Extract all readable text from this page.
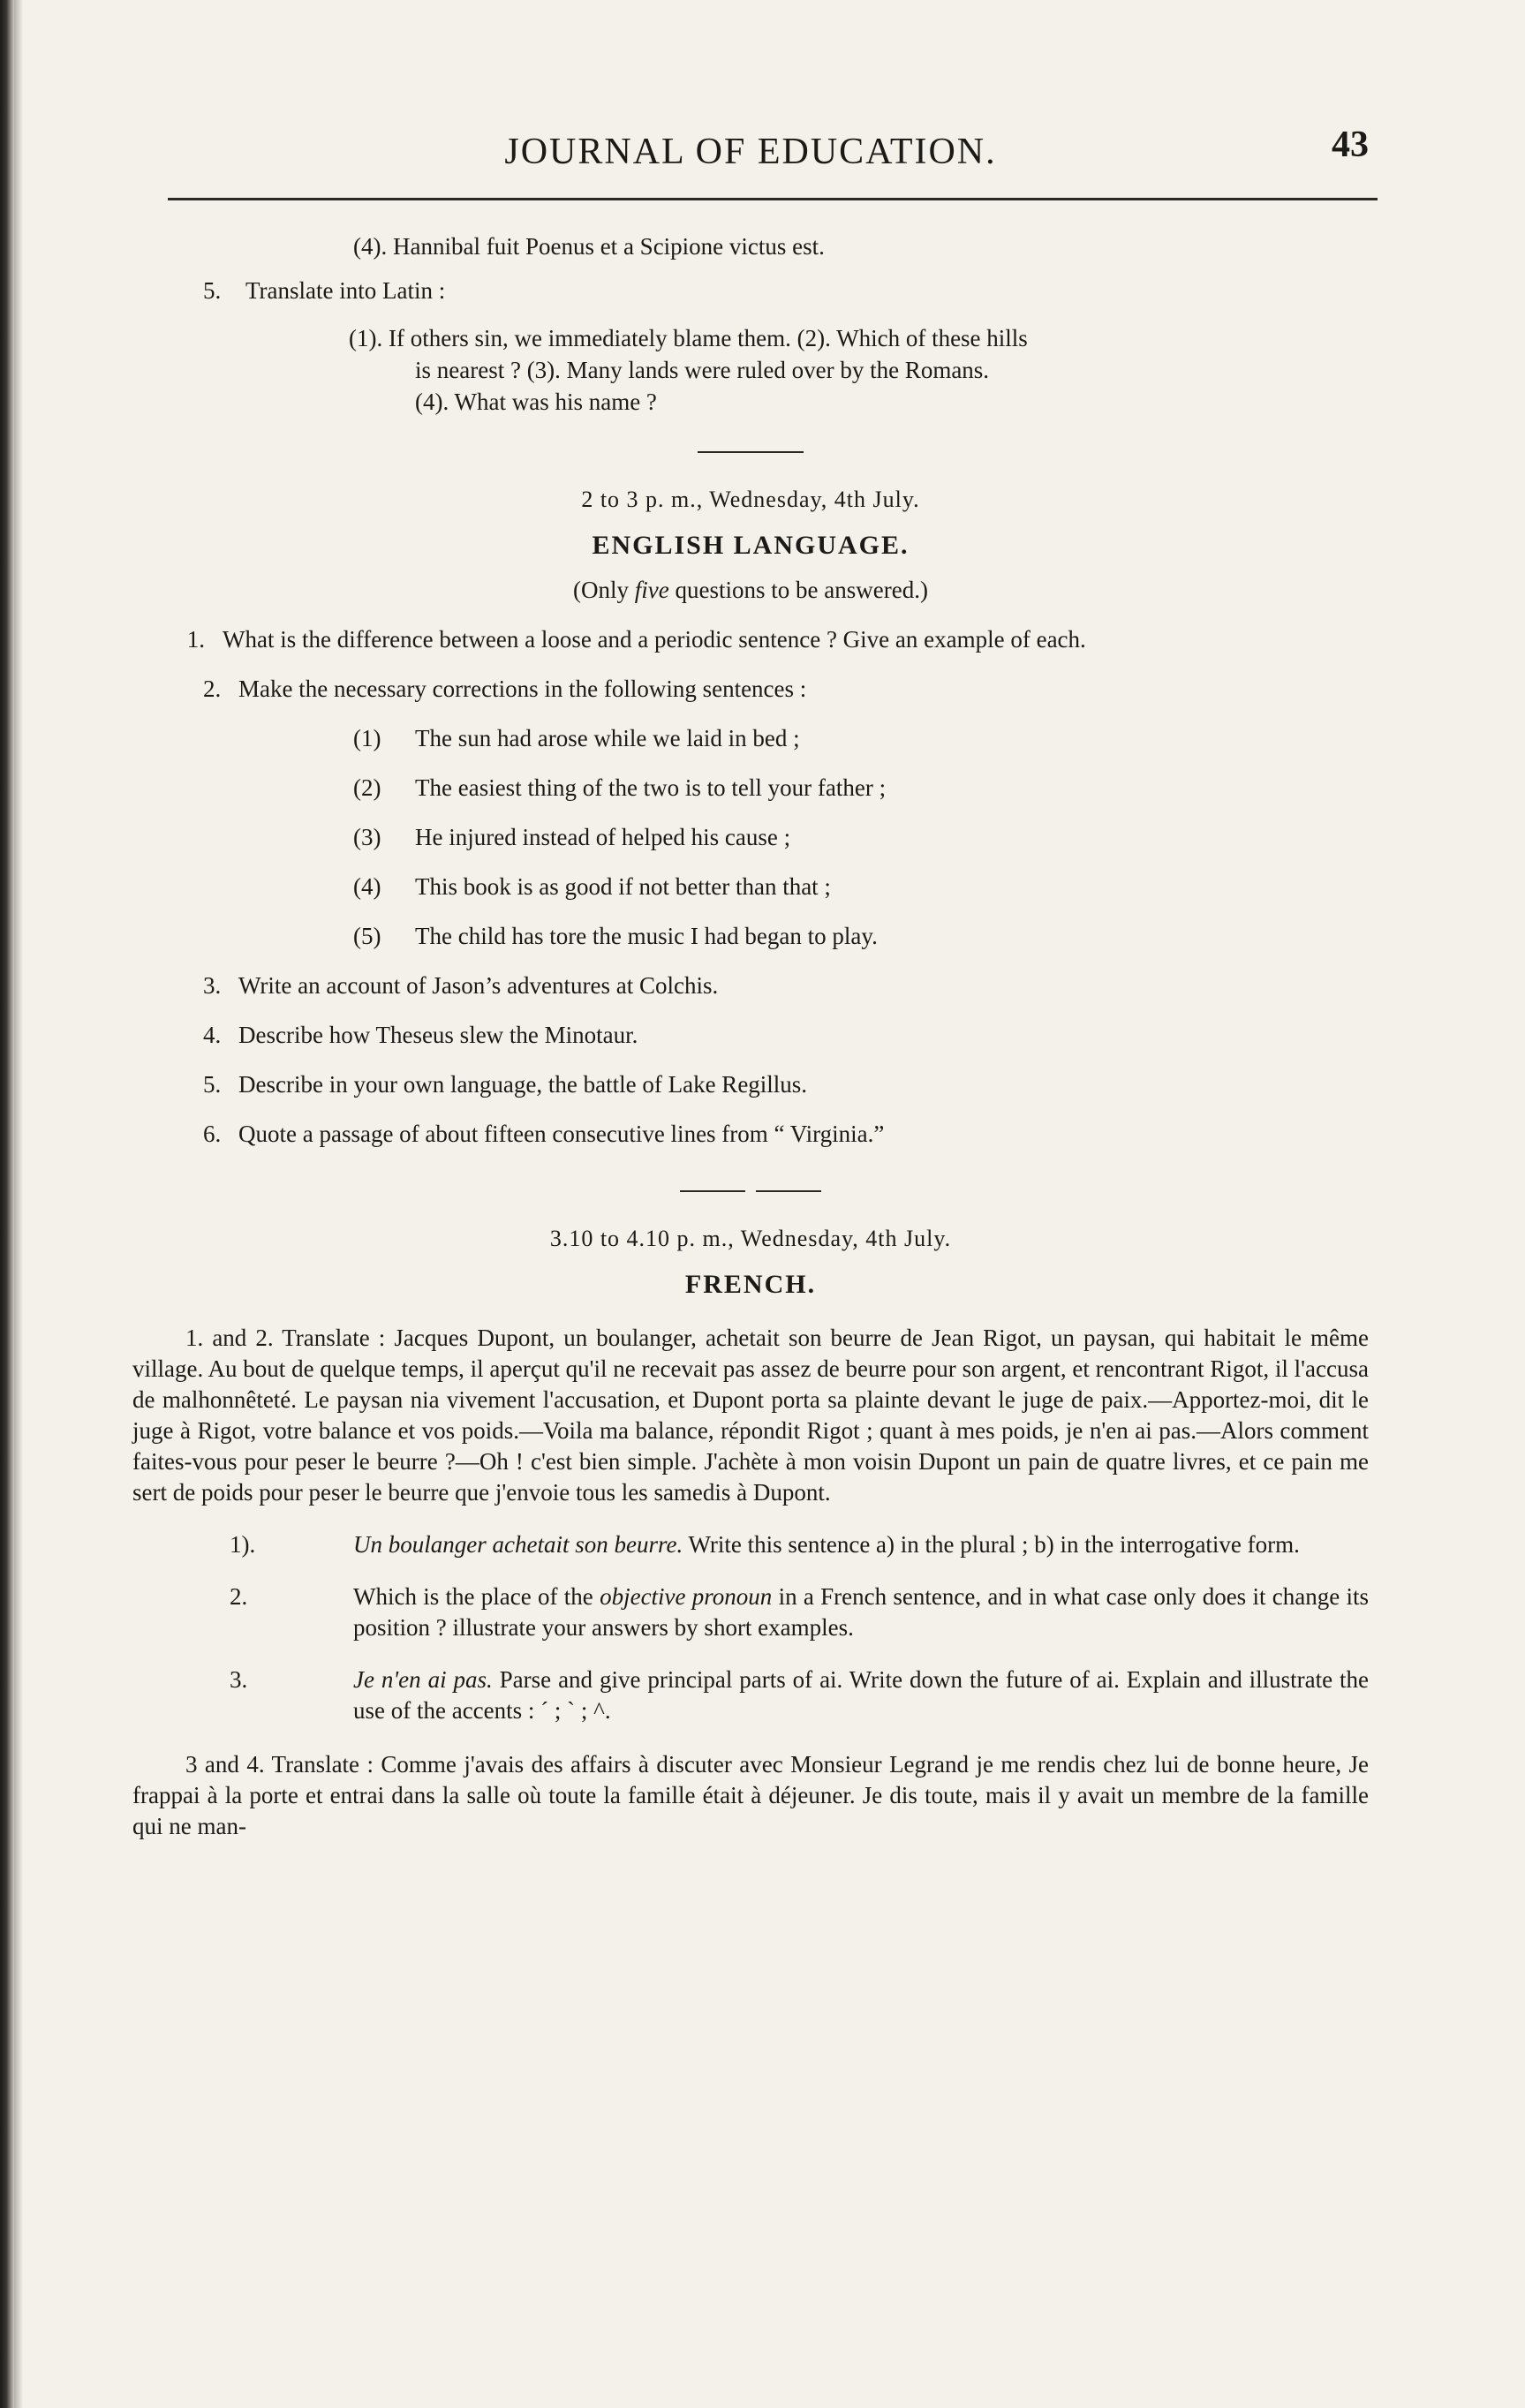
JOURNAL OF EDUCATION.	43

(4). Hannibal fuit Poenus et a Scipione victus est.

5. Translate into Latin :

(1). If others sin, we immediately blame them. (2). Which of these hills

is nearest ? (3). Many lands were ruled over by the Romans.

(4). What was his name ?

2 to 3 p. m., Wednesday, 4th July.
ENGLISH LANGUAGE.
(Only five questions to be answered.)

1. What is the difference between a loose and a periodic sentence ? Give an example of each.

2. Make the necessary corrections in the following sentences :

(1) The sun had arose while we laid in bed ;
(2) The easiest thing of the two is to tell your father ;
(3) He injured instead of helped his cause ;
(4) This book is as good if not better than that ;
(5) The child has tore the music I had began to play.

3. Write an account of Jason’s adventures at Colchis.

4. Describe how Theseus slew the Minotaur.

5. Describe in your own language, the battle of Lake Regillus.

6. Quote a passage of about fifteen consecutive lines from “ Virginia.”

3.10 to 4.10 p. m., Wednesday, 4th July.
FRENCH.

1. and 2. Translate : Jacques Dupont, un boulanger, achetait son beurre de Jean Rigot, un paysan, qui habitait le même village. Au bout de quelque temps, il aperçut qu'il ne recevait pas assez de beurre pour son argent, et rencontrant Rigot, il l'accusa de malhonnêteté. Le paysan nia vivement l'accusation, et Dupont porta sa plainte devant le juge de paix.—Apportez-moi, dit le juge à Rigot, votre balance et vos poids.—Voila ma balance, répondit Rigot ; quant à mes poids, je n'en ai pas.—Alors comment faites-vous pour peser le beurre ?—Oh ! c'est bien simple. J'achète à mon voisin Dupont un pain de quatre livres, et ce pain me sert de poids pour peser le beurre que j'envoie tous les samedis à Dupont.

1).	Un boulanger achetait son beurre. Write this sentence a) in the plural ; b) in the interrogative form.

2.	Which is the place of the objective pronoun in a French sentence, and in what case only does it change its position ? illustrate your answers by short examples.

3.	Je n'en ai pas. Parse and give principal parts of ai. Write down the future of ai. Explain and illustrate the use of the accents : ´ ; ` ; ^.

3 and 4. Translate : Comme j'avais des affairs à discuter avec Monsieur Legrand je me rendis chez lui de bonne heure, Je frappai à la porte et entrai dans la salle où toute la famille était à déjeuner. Je dis toute, mais il y avait un membre de la famille qui ne man-
